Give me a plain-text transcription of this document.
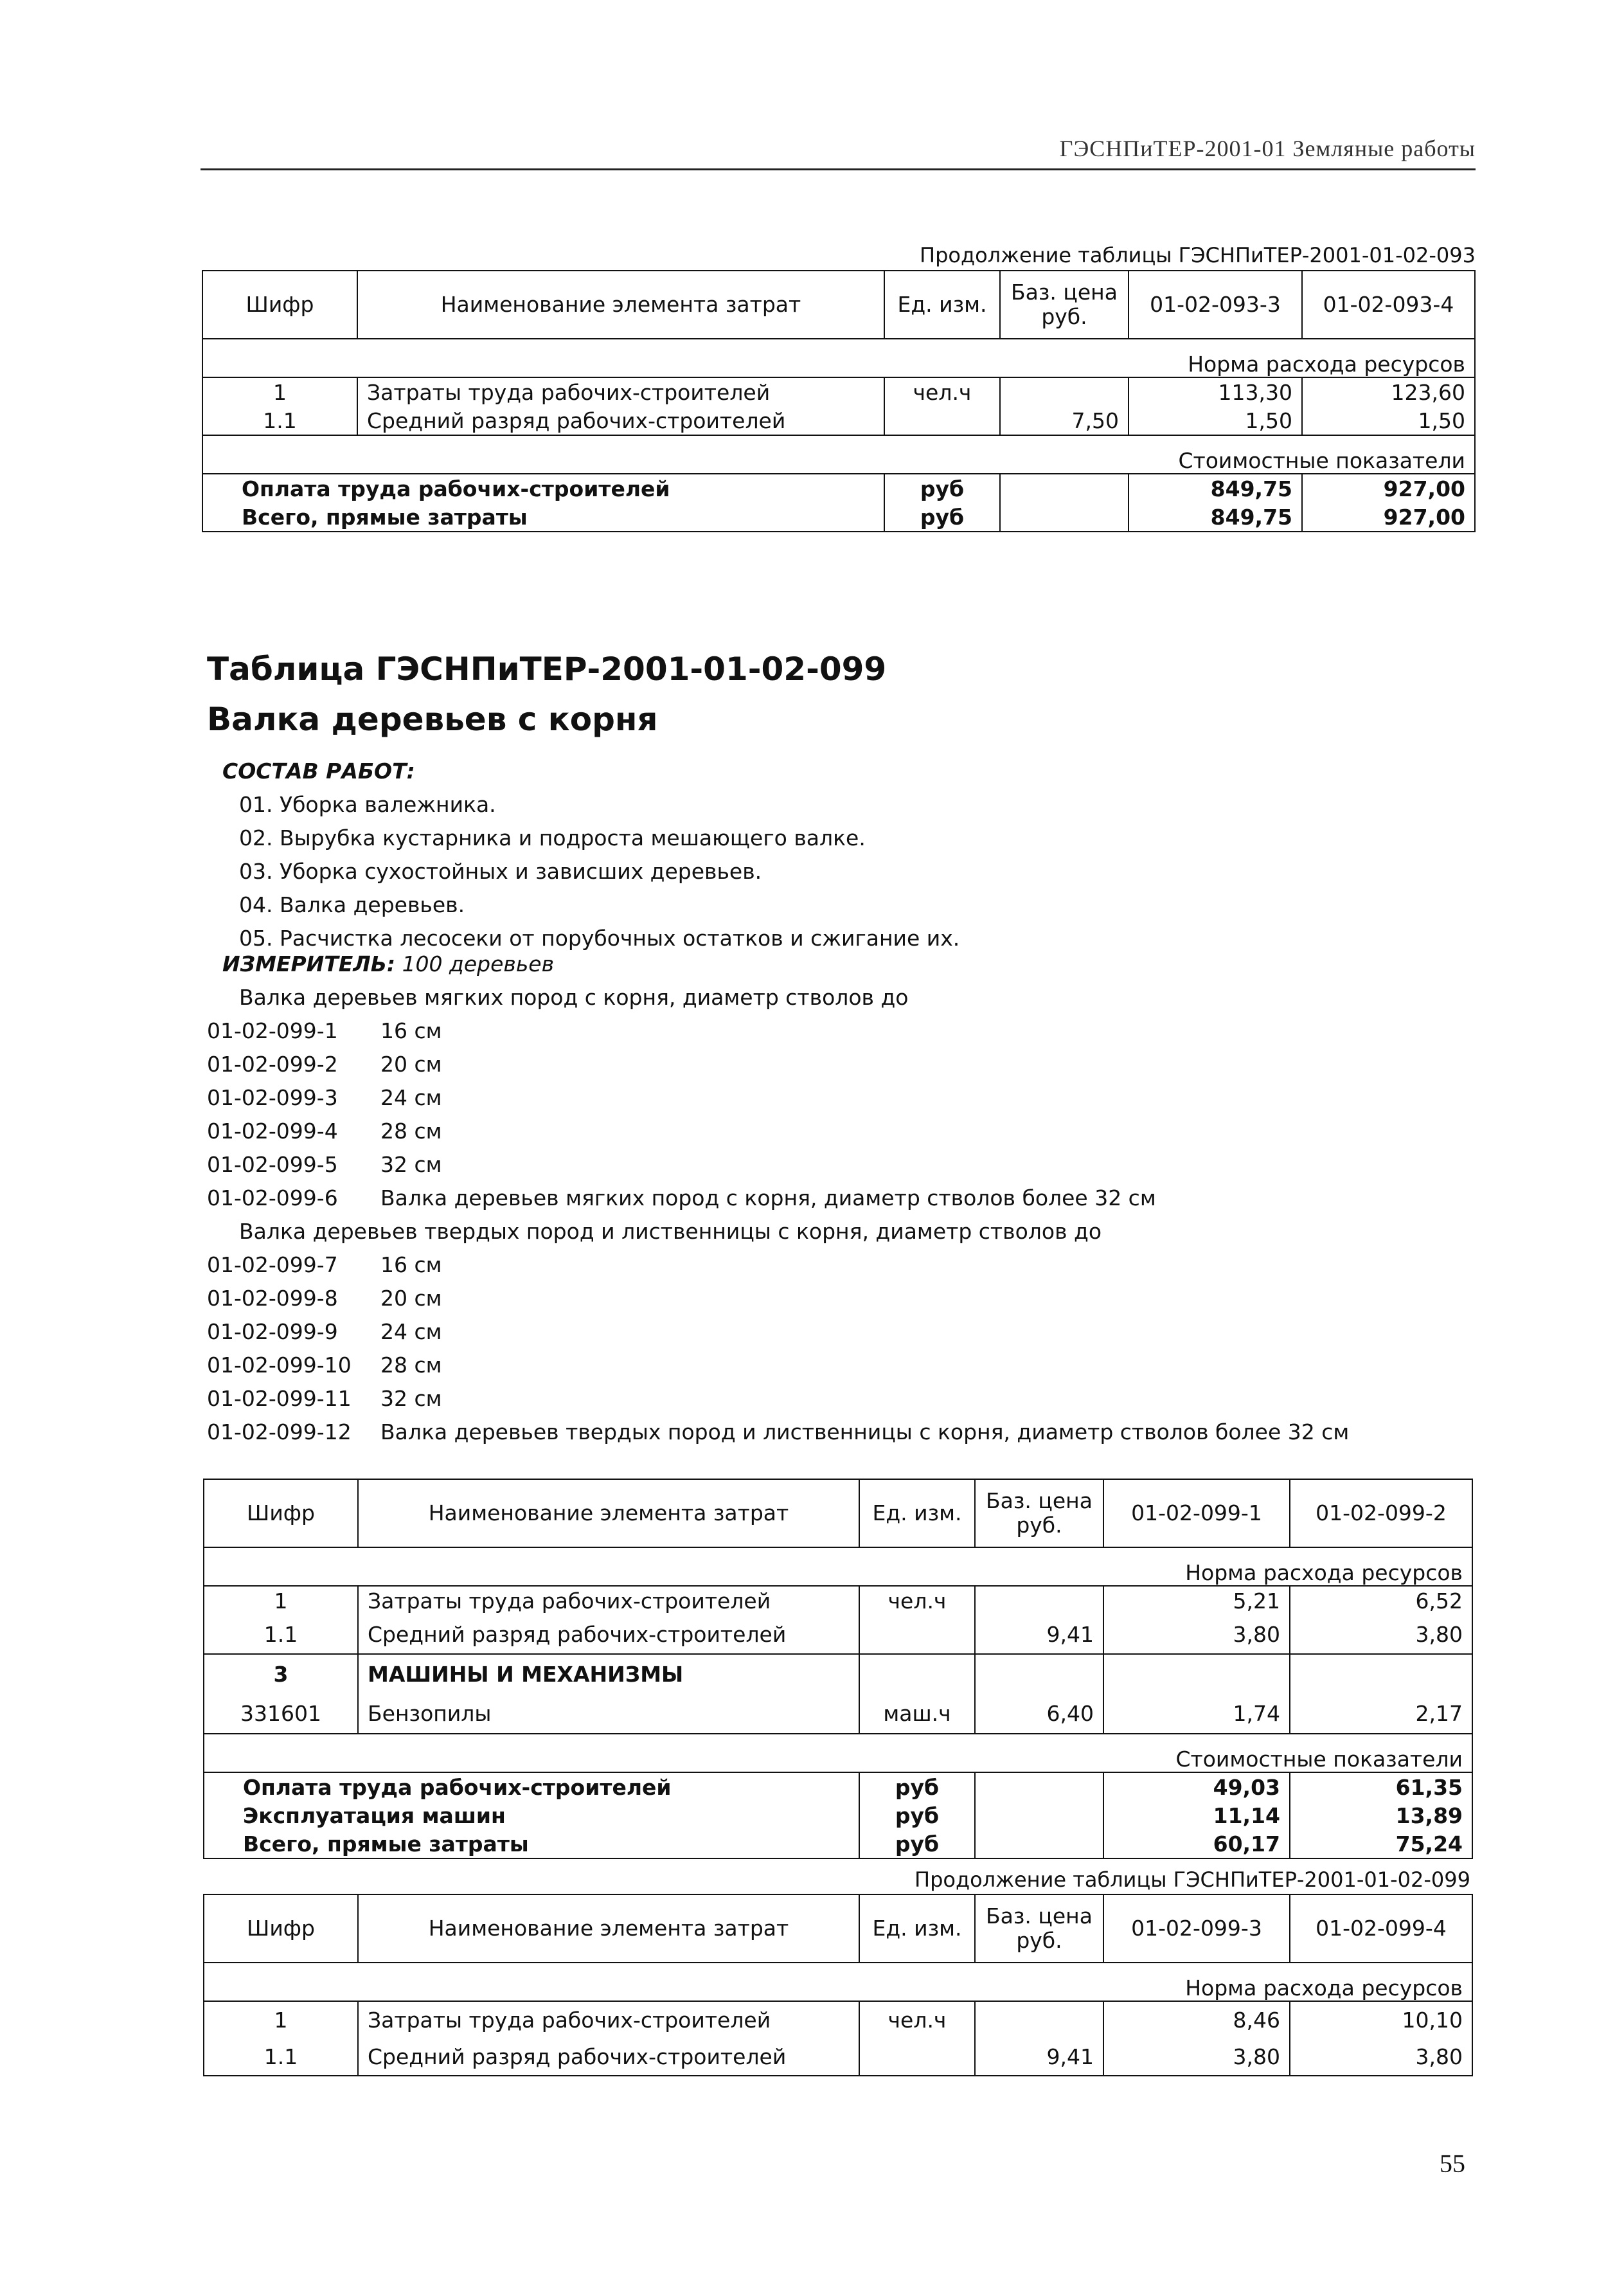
ГЭСНПиТЕР-2001-01 Земляные работы
Продолжение таблицы ГЭСНПиТЕР-2001-01-02-093
Шифр	Наименование элемента затрат	Ед. изм.	Баз. цена руб.	01-02-093-3	01-02-093-4
Норма расхода ресурсов					
1	Затраты труда рабочих-строителей	чел.ч		113,30	123,60
1.1	Средний разряд рабочих-строителей		7,50	1,50	1,50
Стоимостные показатели					
Оплата труда рабочих-строителей		руб		849,75	927,00
Всего, прямые затраты		руб		849,75	927,00
Таблица ГЭСНПиТЕР-2001-01-02-099
Валка деревьев с корня
СОСТАВ РАБОТ:
01. Уборка валежника.
02. Вырубка кустарника и подроста мешающего валке.
03. Уборка сухостойных и зависших деревьев.
04. Валка деревьев.
05. Расчистка лесосеки от порубочных остатков и сжигание их.
ИЗМЕРИТЕЛЬ: 100 деревьев
Валка деревьев мягких пород с корня, диаметр стволов до
01-02-099-1 16 см
01-02-099-2 20 см
01-02-099-3 24 см
01-02-099-4 28 см
01-02-099-5 32 см
01-02-099-6 Валка деревьев мягких пород с корня, диаметр стволов более 32 см
Валка деревьев твердых пород и лиственницы с корня, диаметр стволов до
01-02-099-7 16 см
01-02-099-8 20 см
01-02-099-9 24 см
01-02-099-10 28 см
01-02-099-11 32 см
01-02-099-12 Валка деревьев твердых пород и лиственницы с корня, диаметр стволов более 32 см
Шифр	Наименование элемента затрат	Ед. изм.	Баз. цена руб.	01-02-099-1	01-02-099-2
Норма расхода ресурсов					
1	Затраты труда рабочих-строителей	чел.ч		5,21	6,52
1.1	Средний разряд рабочих-строителей		9,41	3,80	3,80
3	МАШИНЫ И МЕХАНИЗМЫ				
331601	Бензопилы	маш.ч	6,40	1,74	2,17
Стоимостные показатели					
Оплата труда рабочих-строителей		руб		49,03	61,35
Эксплуатация машин		руб		11,14	13,89
Всего, прямые затраты		руб		60,17	75,24
Продолжение таблицы ГЭСНПиТЕР-2001-01-02-099
Шифр	Наименование элемента затрат	Ед. изм.	Баз. цена руб.	01-02-099-3	01-02-099-4
Норма расхода ресурсов					
1	Затраты труда рабочих-строителей	чел.ч		8,46	10,10
1.1	Средний разряд рабочих-строителей		9,41	3,80	3,80
55
